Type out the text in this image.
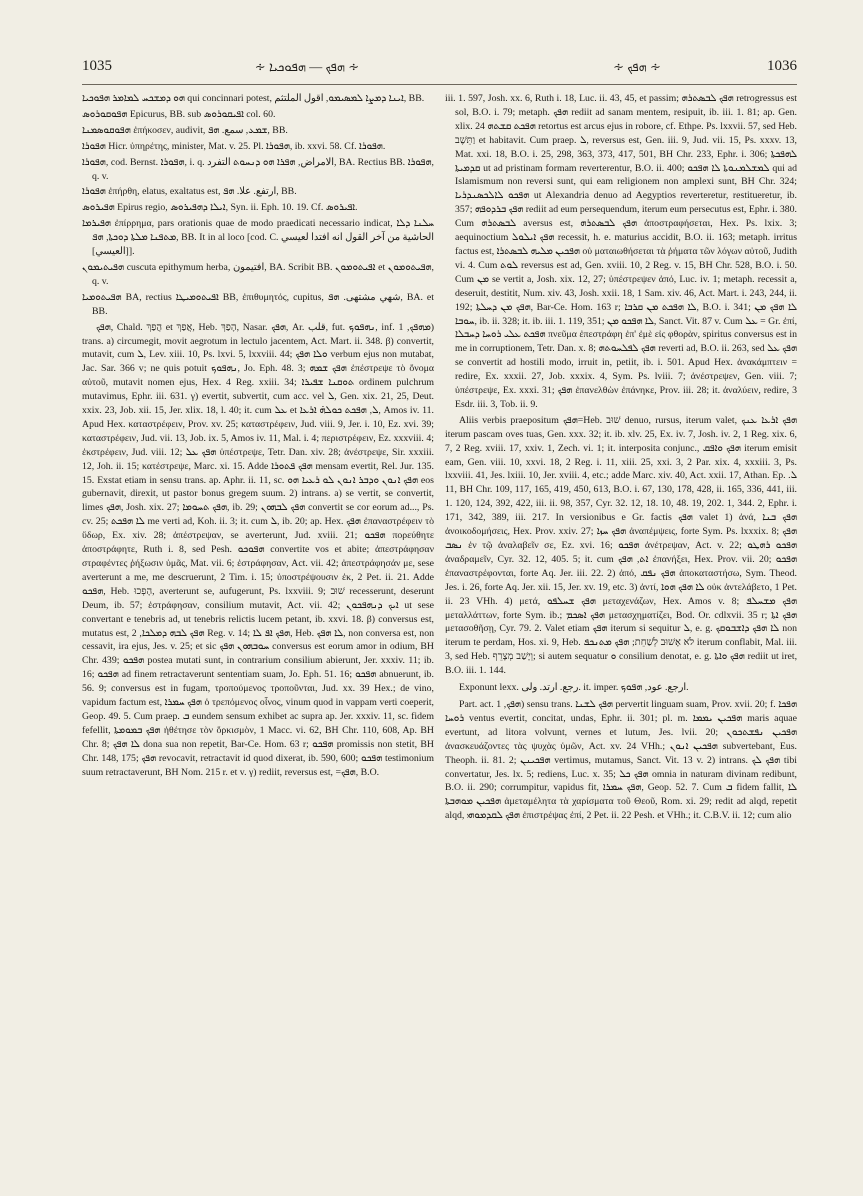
1035	∻ ܗܦܟ — ܗܦܘܟܝܐ ∻	∻ ܗܦܟ ∻	1036

ܗܘ ܕܡܫܟܚ ܠܡܐܡܪ ܗܦܘܟܝܐ qui concinnari potest, ܐܝܢܐ ܕܡܨܐ ܠܡܣܝܡܘ, اقول الملتثم, BB.

ܗܦܘܩܘܪܘܣ Epicurus, BB. sub ܐܦܝܩܘܪܘܣ col. 60.

ܗܦܘܩܘܣܡܢܐ ἐπήκοσεν, audivit, ܫܡܥ, سمع. ܗܦ, BB.

ܗܦܘܪܐ Hicr. ὑπηρέτης, minister, Mat. v. 25. Pl. ܗܦܘܪܐ, ib. xxvi. 58. Cf. ܗܦܘܪܐ.

ܗܦܘܪܐ, cod. Bernst. ܗܦܘܪܐ, i. q. الامراض, ܗܦܪܐ ܗܘ ܕܢܚܘܬ التفرد, BA. Rectius BB. ܗܦܘܪܐ, q. v.

ܗܦܘܪܐ ἐπήρθη, elatus, exaltatus est, ارتفع. علا. ܗܦ, BB.

ܗܦܝܪܘܣ Epirus regio, ܐܝܠܐ ܕܗܦܝܪܘܣ, Syn. ii. Eph. 10. 19. Cf. ܐܦܝܪܘܣ.

ܗܦܝܪܡܐ ἐπίρρημα, pars orationis quae de modo praedicati necessario indicat, ܚܠܢܐ ܕܠܐ ܡܬܦܢܐ ܡܠܬܐ ܕܘܟܬܐ, ܗܦ, BB. It in al loco [cod. C. الحاشية من آخر القول انه افتدا لعيسي [العيسي]].

ܗܦܝܬܝܡܘܢ cuscuta epithymum herba, افتيمون, BA. Scribit BB. ܐܦܝܬܘܡܘܢ et ܗܦܝܬܘܡܘܢ, q. v.

ܗܦܝܬܘܡܝܐ BA, rectius ܐܦܝܬܘܡܝܛܐ BB, ἐπιθυμητός, cupitus, شهي مشتهى. ܗܦ, BA. et BB.

ܗܦܟ, Chald. הֲפַךְ et אֲפַךְ, Heb. הָפַךְ, Nasar. ܗܦܟ, Ar. قلب, fut. ܢܗܦܘܟ, inf. ܡܗܦܟ, 1) trans. a) circumegit, movit aegrotum in lectulo jacentem, Act. Mart. ii. 348. β) convertit, mutavit, cum ܠ, Lev. xiii. 10, Ps. lxvi. 5, lxxviii. 44; ܘܠܐ ܗܦܟ verbum ejus non mutabat, Jac. Sar. 366 v; ne quis potuit ܢܗܦܘܟ, Jo. Eph. 48. 3; ܗܦܟ ܫܡܗ ἐπέστρεψε τὸ ὄνομα αὐτοῦ, mutavit nomen ejus, Hex. 4 Reg. xxiii. 34; ܬܘܩܢܐ ܫܦܝܪܐ ordinem pulchrum mutavimus, Ephr. iii. 631. γ) evertit, subvertit, cum acc. vel ܠ, Gen. xix. 21, 25, Deut. xxix. 23, Job. xii. 15, Jer. xlix. 18, l. 40; it. cum ܥܠ et ܠ, ܗܦܟܬ ܟܘܠܗ̇ ܐܪܥܐ, Amos iv. 11. Apud Hex. καταστρέφειν, Prov. xv. 25; καταστρέφειν, Jud. viii. 9, Jer. i. 10, Ez. xvi. 39; καταστρέφειν, Jud. vii. 13, Job. ix. 5, Amos iv. 11, Mal. i. 4; περιστρέφειν, Ez. xxxviii. 4; ἐκστρέφειν, Jud. viii. 12; ܗܦܟ ܥܠ ὑπέστρεψε, Tetr. Dan. xiv. 28; ἀνέστρεψε, Sir. xxxiii. 12, Joh. ii. 15; κατέστρεψε, Marc. xi. 15. Adde ܗܦܟ ܦܬܘܪܐ mensam evertit, Rel. Jur. 135. 15. Exstat etiam in sensu trans. ap. Aphr. ii. 11, sc. ܗܦܟ ܐܢܘܢ ܘܕܒܪ ܐܢܘܢ ܠܘ ܪܥܝܐ ܗܘ eos gubernavit, direxit, ut pastor bonus gregem suum. 2) intrans. a) se vertit, se convertit, limes ܗܦܟ, Josh. xix. 27; ܗܦܟ ܬܚܘܡܐ, ib. 29; ܗܦܟ ܠܒܗܘܢ convertit se cor eorum ad..., Ps. cv. 25; ܠܐ ܗܦܟܬ me verti ad, Koh. ii. 3; it. cum ܠ, ib. 20; ap. Hex. ܗܦܟ ἐπαναστρέφειν τὸ ὕδωρ, Ex. xiv. 28; ἀπέστρεψαν, se averterunt, Jud. xviii. 21; ܗܦܟܘ πορεύθητε ἀποστράφητε, Ruth i. 8, sed Pesh. ܗܦܘܟܘ convertite vos et abite; ἀπεστράφησαν στραφέντες ῥήξωσιν ὑμᾶς, Mat. vii. 6; ἐστράφησαν, Act. vii. 42; ἀπεστράφησάν με, sese averterunt a me, me descruerunt, 2 Tim. i. 15; ὑποστρέψουσιν ἐκ, 2 Pet. ii. 21. Adde ܗܦܟܘ, Heb. הָפְכוּ, averterunt se, aufugerunt, Ps. lxxviii. 9; שׁוּב recesserunt, deserunt Deum, ib. 57; ἐστράφησαν, consilium mutavit, Act. vii. 42; ܐܝܟ ܕܢܗܦܟܘܢ ut sese convertant e tenebris ad, ut tenebris relictis lucem petant, ib. xxvi. 18. β) conversus est, mutatus est, ܗܦܟ ܠܒܗ ܕܡܠܟܐ, 2 Reg. v. 14; ܗܦܟ ܐܦ ܠܐ, Heb. ܠܐ ܗܦܟ, non conversa est, non cessavit, ira ejus, Jes. v. 25; et sic ܚܘܒܗܘܢ ܗܦܟ conversus est eorum amor in odium, BH Chr. 439; ܗܦܟܘ postea mutati sunt, in contrarium consilium abierunt, Jer. xxxiv. 11; ib. 16; ܗܦܟܘ ad finem retractaverunt sententiam suam, Jo. Eph. 51. 16; ܗܦܟܘ abnuerunt, ib. 56. 9; conversus est in fugam, τροπούμενος τροποῦνται, Jud. xx. 39 Hex.; de vino, vapidum factum est, ܗܦܟ ܚܡܪܐ ὁ τρεπόμενος οἶνος, vinum quod in vappam verti coeperit, Geop. 49. 5. Cum praep. ܒ eundem sensum exhibet ac supra ap. Jer. xxxiv. 11, sc. fidem fefellit, ܗܦܟ ܒܡܘܡܬܐ ἠθέτησε τὸν ὅρκισμὸν, 1 Macc. vi. 62, BH Chr. 110, 608, Ap. BH Chr. 8; ܠܐ ܗܦܟ dona sua non repetit, Bar-Ce. Hom. 63 r; ܗܦܟܘ promissis non stetit, BH Chr. 148, 175; ܗܦܟ revocavit, retractavit id quod dixerat, ib. 590, 600; ܗܦܟܘ testimonium suum retractaverunt, BH Nom. 215 r. et v. γ) rediit, reversus est, =ܗܦܟ, B.O.

iii. 1. 597, Josh. xx. 6, Ruth i. 18, Luc. ii. 43, 45, et passim; ܗܦܟ ܠܒܣܬܪܗ retrogressus est sol, B.O. i. 79; metaph. ܗܦܟ rediit ad sanam mentem, resipuit, ib. iii. 1. 81; ap. Gen. xlix. 24 ܗܦܟܬ ܩܫܬܗ retortus est arcus ejus in robore, cf. Ethpe. Ps. lxxvii. 57, sed Heb. וַתֵּשֶׁב et habitavit. Cum praep. ܠ, reversus est, Gen. iii. 9, Jud. vii. 15, Ps. xxxv. 13, Mat. xxi. 18, B.O. i. 25, 298, 363, 373, 417, 501, BH Chr. 233, Ephr. i. 306; ܠܗܦܟܬܐ ܩܕܡܝܬܐ ut ad pristinam formam reverterentur, B.O. ii. 400; ܠܡܫܠܡܢܘܬܐ ܠܐ ܗܦܟܘ qui ad Islamismum non reversi sunt, qui eam religionem non amplexi sunt, BH Chr. 324; ܗܦܟܘ ܠܐܠܟܣܢܕܪܝܐ ut Alexandria denuo ad Aegyptios reverteretur, restitueretur, ib. 357; ܗܦܟ ܒܪܕܘܦܗ rediit ad eum persequendum, iterum eum persecutus est, Ephr. i. 380. Cum ܠܒܣܬܪܗ aversus est, ܗܦܟ ܠܒܣܬܪܗ ἀποστραφήσεται, Hex. Ps. lxix. 3; aequinoctium ܗܦܟ ܐܝܠܘܠ recessit, h. e. maturius accidit, B.O. ii. 163; metaph. irritus factus est, ܗܦܟܝܢ ܡܠܝܗ ܠܒܣܬܪܐ οὐ ματαιωθήσεται τὰ ῥήματα τῶν λόγων αὐτοῦ, Judith vi. 4. Cum ܠܘܬ reversus est ad, Gen. xviii. 10, 2 Reg. v. 15, BH Chr. 528, B.O. i. 50. Cum ܡܢ se vertit a, Josh. xix. 12, 27; ὑπέστρεψεν ἀπό, Luc. iv. 1; metaph. recessit a, deseruit, destitit, Num. xiv. 43, Josh. xxii. 18, 1 Sam. xiv. 46, Act. Mart. i. 243, 244, ii. 192; ܗܦܟ ܡܢ ܕܚܠܬܐ, Bar-Ce. Hom. 163 r; ܠܐ ܗܦܟܬ ܡܢ ܩܪܒܐ, B.O. i. 341; ܠܐ ܗܦܟ ܡܢ ܚܘܒܐ, ib. ii. 328; it. ib. iii. 1. 119, 351; ܠܐ ܗܦܟܘ ܡܢ, Sanct. Vit. 87 v. Cum ܥܠ = Gr. ἐπί, ܗܦܟܬ ܥܠܝ ܪܘܚܐ ܕܚܒܠܐ πνεῦμα ἐπεστράφη ἐπ' ἐμὲ εἰς φθορὰν, spiritus conversus est in me in corruptionem, Tetr. Dan. x. 8; ܗܦܟ ܠܦܠܚܘܬܗ reverti ad, B.O. ii. 263, sed ܗܦܟ ܥܠ se convertit ad hostili modo, irruit in, petiit, ib. i. 501. Apud Hex. ἀνακάμπτειν = redire, Ex. xxxii. 27, Job. xxxix. 4, Sym. Ps. lviii. 7; ἀνέστρεψεν, Gen. viii. 7; ὑπέστρεψε, Ex. xxxi. 31; ܗܦܟ ἐπανελθὼν ἐπάνηκε, Prov. iii. 28; it. ἀναλύειν, redire, 3 Esdr. iii. 3, Tob. ii. 9.

Aliis verbis praepositum ܗܦܟ=Heb. שׁוּב denuo, rursus, iterum valet, ܗܦܟ ܐܪܥܐ ܥܢܟ iterum pascam oves tuas, Gen. xxx. 32; it. ib. xlv. 25, Ex. iv. 7, Josh. iv. 2, 1 Reg. xix. 6, 7, 2 Reg. xviii. 17, xxiv. 1, Zech. vi. 1; it. interposita conjunc., ܗܦܟ ܘܐܦܩ iterum emisit eam, Gen. viii. 10, xxvi. 18, 2 Reg. i. 11, xiii. 25, xxi. 3, 2 Par. xix. 4, xxxiii. 3, Ps. lxxviii. 41, Jes. lxiii. 10, Jer. xviii. 4, etc.; adde Marc. xiv. 40, Act. xxii. 17, Athan. Ep. ܠ. 11, BH Chr. 109, 117, 165, 419, 450, 613, B.O. i. 67, 130, 178, 428, ii. 165, 336, 441, iii. 1. 120, 124, 392, 422, iii. ii. 98, 357, Cyr. 32. 12, 18. 10, 48. 19, 202. 1, 344. 2, Ephr. i. 171, 342, 389, iii. 217. In versionibus e Gr. factis ܗܦܟ valet 1) ἀνά, ܗܦܟ ܒܢܐ ἀνοικοδομήσεις, Hex. Prov. xxiv. 27; ܗܦܟ ܚܙܐ ἀναπέμψεις, forte Sym. Ps. lxxxix. 8; ܗܦܟ ܢܣܒ ἐν τῷ ἀναλαβεῖν σε, Ez. xvi. 16; ܗܦܟܘ ἀνέτρεψαν, Act. v. 22; ܗܦܟܘ ܪܗܛܘ ἀναδραμεῖν, Cyr. 32. 12, 405. 5; it. cum ܐܬ, ܗܦܟ ἐπανήξει, Hex. Prov. vii. 20; ܗܦܟܘ ἐπαναστρέφονται, forte Aq. Jer. iii. 22. 2) ἀπό, ܗܦܟ ܢܦܩ ἀποκαταστήσω, Sym. Theod. Jes. i. 26, forte Aq. Jer. xii. 15, Jer. xv. 19, etc. 3) ἀντί, ܠܐ ܗܦܟ ܗܘܐ οὐκ ἀντελάβετο, 1 Pet. ii. 23 VHh. 4) μετά, ܗܦܟ ܫܚܠܦܘ μεταχενάζων, Hex. Amos v. 8; ܗܦܟ ܡܫܚܠܦ μεταλλάττων, forte Sym. ib.; ܗܦܟ ܐܣܟܡ μετασχηματίζει, Bod. Or. cdlxvii. 35 r; ܗܦܟ ܐܬܐ μετασοθῆσῃ, Cyr. 79. 2. Valet etiam ܗܦܟ iterum si sequitur ܠ, e. g. ܠܐ ܗܦܟ ܕܐܫܒܘܩܟ non iterum te perdam, Hos. xi. 9, Heb. לֹא אָשׁוּב לְשַׁחֵת; ܗܦܟ ܡܬܢܟܦ iterum conflabit, Mal. iii. 3, sed Heb. וְיָשַׁב מְצָרֵף; si autem sequatur ܘ consilium denotat, e. g. ܗܦܟ ܘܐܬܐ rediit ut iret, B.O. iii. 1. 144.

Exponunt lexx. رجع. ارتد. ولى. it. imper. ارجع. عود, ܗܦܘܟ.

Part. act. ܗܦܟ, 1) sensu trans. ܗܦܟ ܠܫܢܐ pervertit linguam suam, Prov. xvii. 20; f. ܗܦܟܐ ܪܘܚܐ ventus evertit, concitat, undas, Ephr. ii. 301; pl. m. ܗܦܟܝܢ ܝܡܡܐ maris aquae evertunt, ad litora volvunt, vernes et lutum, Jes. lvii. 20; ܗܦܟܝܢ ܢܦܫܬܟܘܢ ἀνασκευάζοντες τὰς ψυχὰς ὑμῶν, Act. xv. 24 VHh.; ܗܦܟܝܢ ܐܢܘܢ subvertebant, Eus. Theoph. ii. 81. 2; ܗܦܟܝܢܢ vertimus, mutamus, Sanct. Vit. 13 v. 2) intrans. ܗܦܟ ܠܟ tibi convertatur, Jes. lx. 5; rediens, Luc. x. 35; ܗܦܟ ܟܠ omnia in naturam divinam redibunt, B.O. ii. 290; corrumpitur, vapidus fit, ܗܦܟ ܚܡܪܐ, Geop. 52. 7. Cum ܒ fidem fallit, ܠܐ ܗܦܟܝܢ ܡܘܗܒܬܐ ἀμεταμέλητα τὰ χαρίσματα τοῦ Θεοῦ, Rom. xi. 29; redit ad alqd, repetit alqd, ܗܦܟ ܠܩܕܡܘܗܝ ἐπιστρέψας ἐπί, 2 Pet. ii. 22 Pesh. et VHh.; it. C.B.V. ii. 12; cum alio
